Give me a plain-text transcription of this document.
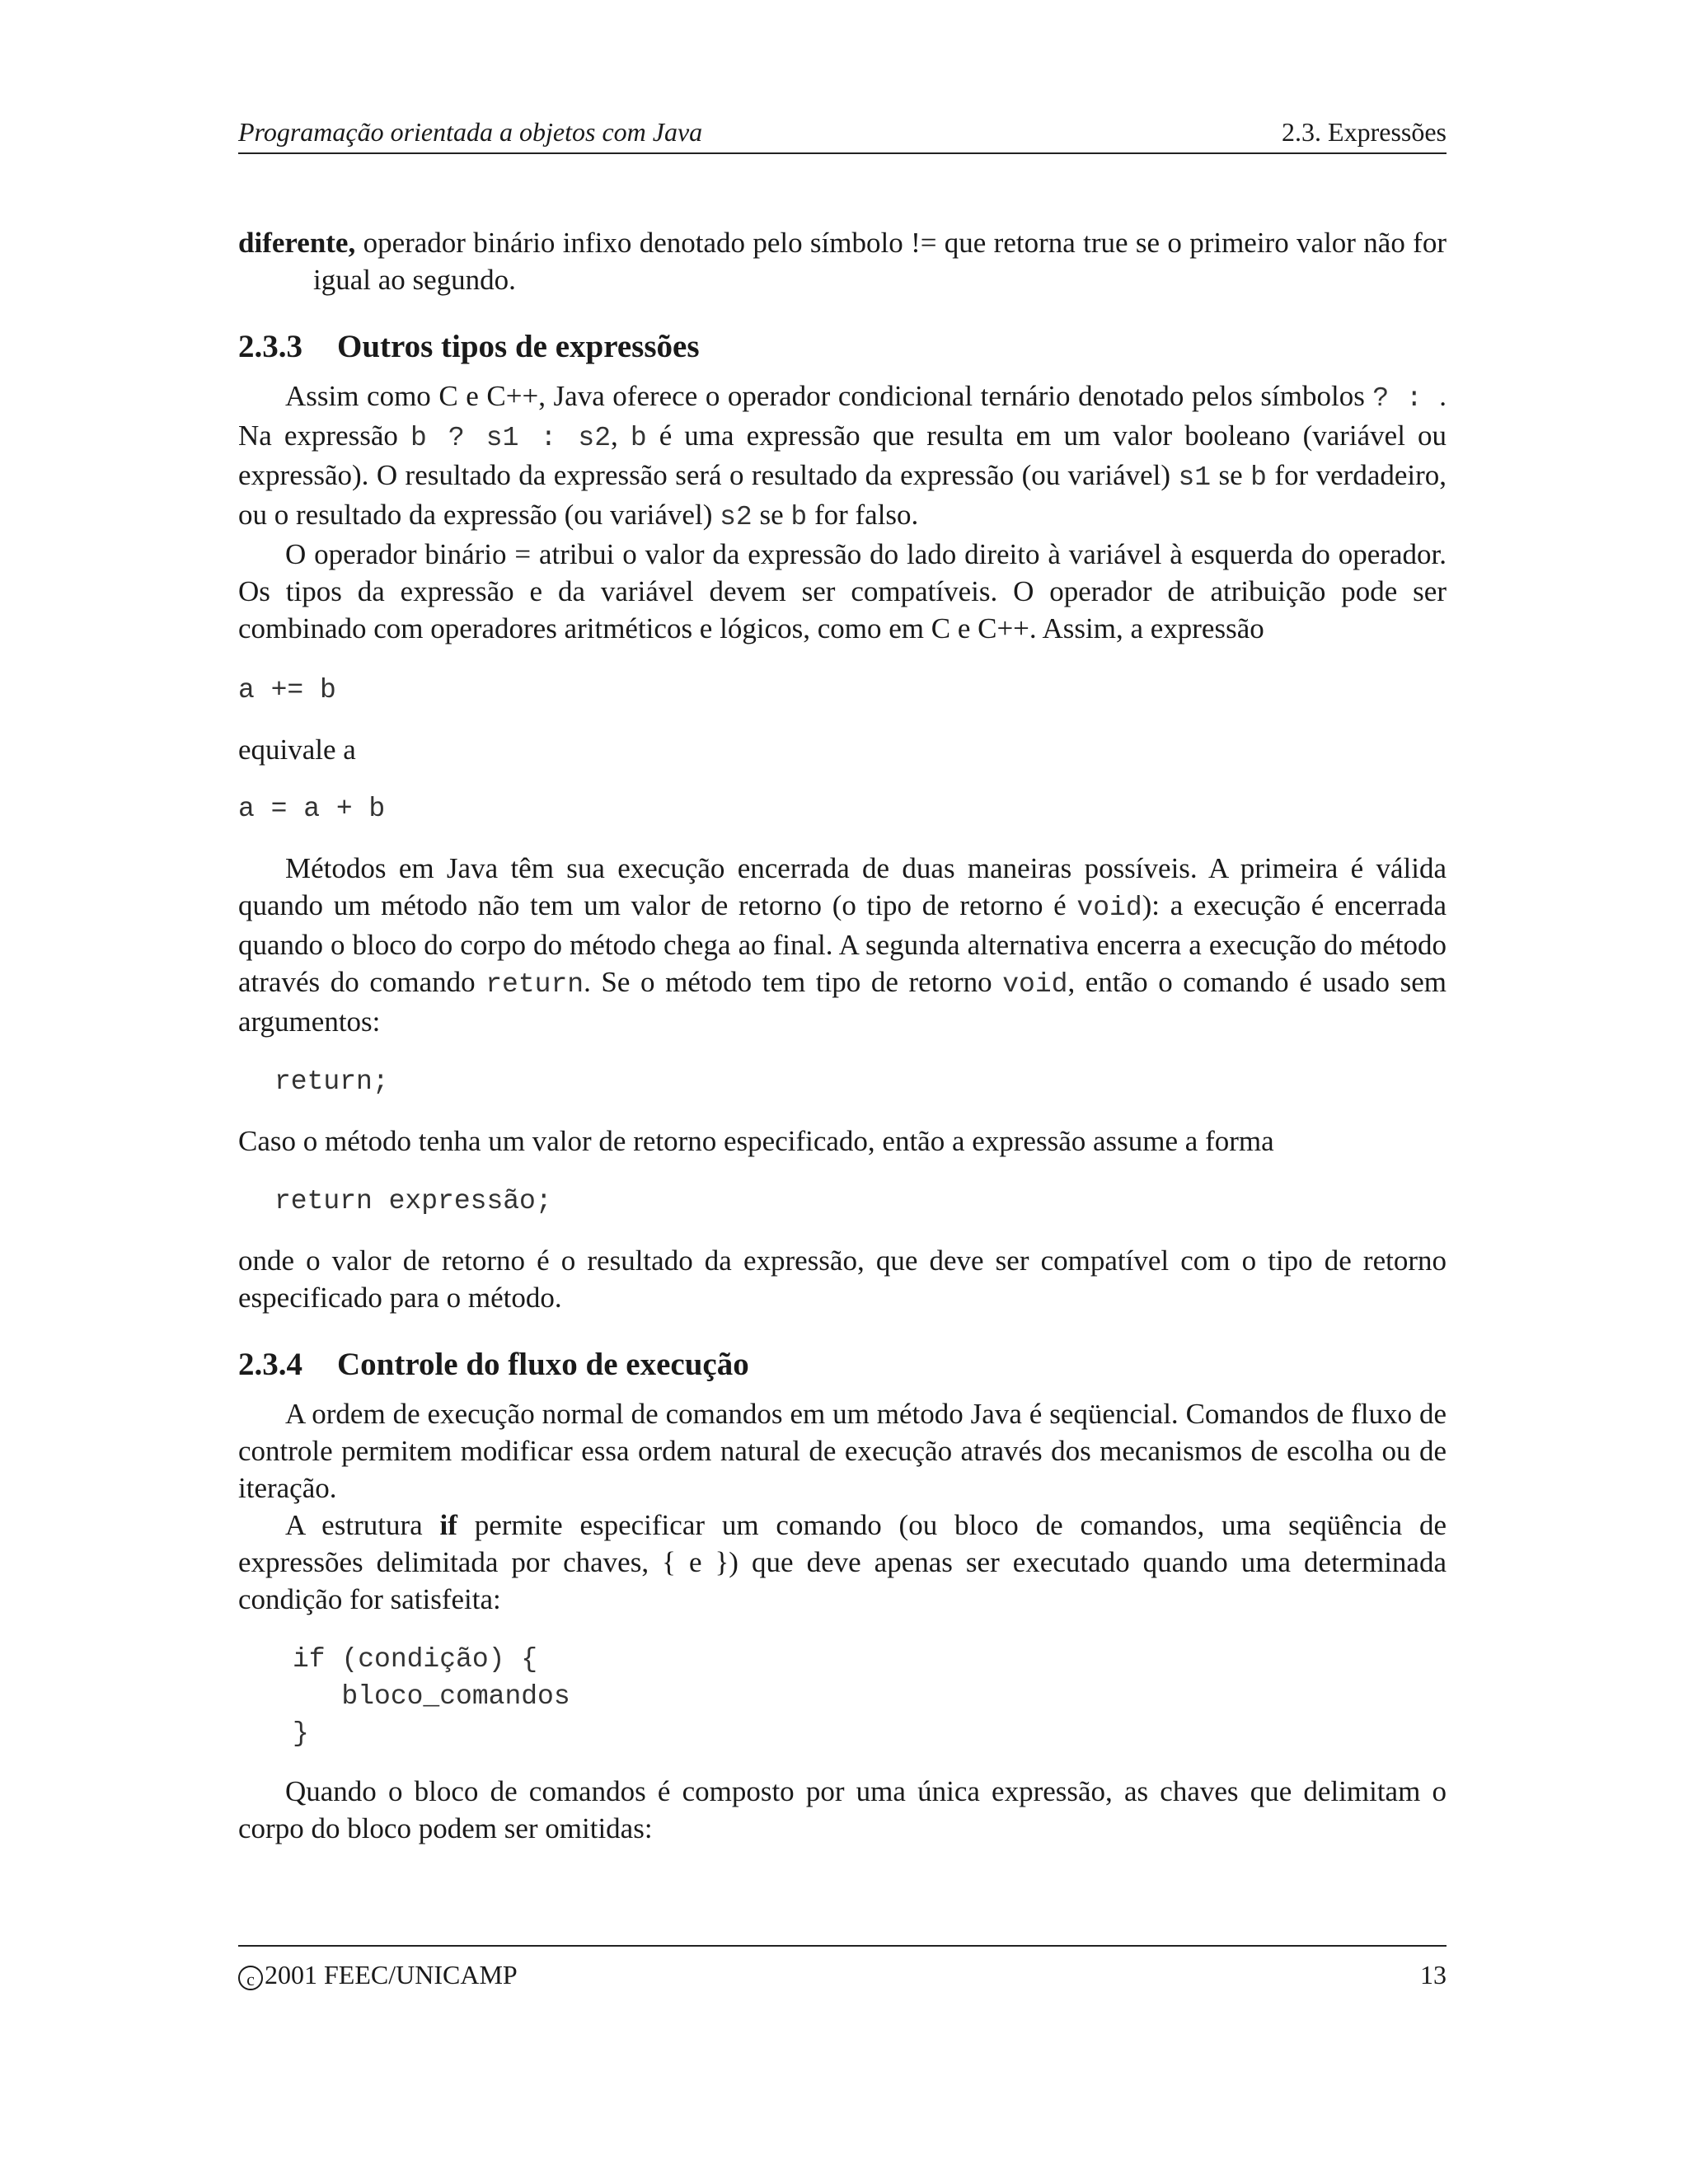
Programação orientada a objetos com Java	2.3. Expressões

diferente, operador binário infixo denotado pelo símbolo != que retorna true se o primeiro valor não for igual ao segundo.

2.3.3 Outros tipos de expressões

Assim como C e C++, Java oferece o operador condicional ternário denotado pelos símbolos ? : . Na expressão b ? s1 : s2, b é uma expressão que resulta em um valor booleano (variável ou expressão). O resultado da expressão será o resultado da expressão (ou variável) s1 se b for verdadeiro, ou o resultado da expressão (ou variável) s2 se b for falso.

O operador binário = atribui o valor da expressão do lado direito à variável à esquerda do operador. Os tipos da expressão e da variável devem ser compatíveis. O operador de atribuição pode ser combinado com operadores aritméticos e lógicos, como em C e C++. Assim, a expressão

a += b

equivale a

a = a + b

Métodos em Java têm sua execução encerrada de duas maneiras possíveis. A primeira é válida quando um método não tem um valor de retorno (o tipo de retorno é void): a execução é encerrada quando o bloco do corpo do método chega ao final. A segunda alternativa encerra a execução do método através do comando return. Se o método tem tipo de retorno void, então o comando é usado sem argumentos:

return;

Caso o método tenha um valor de retorno especificado, então a expressão assume a forma

return expressão;

onde o valor de retorno é o resultado da expressão, que deve ser compatível com o tipo de retorno especificado para o método.

2.3.4 Controle do fluxo de execução

A ordem de execução normal de comandos em um método Java é seqüencial. Comandos de fluxo de controle permitem modificar essa ordem natural de execução através dos mecanismos de escolha ou de iteração.

A estrutura if permite especificar um comando (ou bloco de comandos, uma seqüência de expressões delimitada por chaves, { e }) que deve apenas ser executado quando uma determinada condição for satisfeita:

if (condição) {
bloco_comandos
}

Quando o bloco de comandos é composto por uma única expressão, as chaves que delimitam o corpo do bloco podem ser omitidas:

c 2001 FEEC/UNICAMP	13
